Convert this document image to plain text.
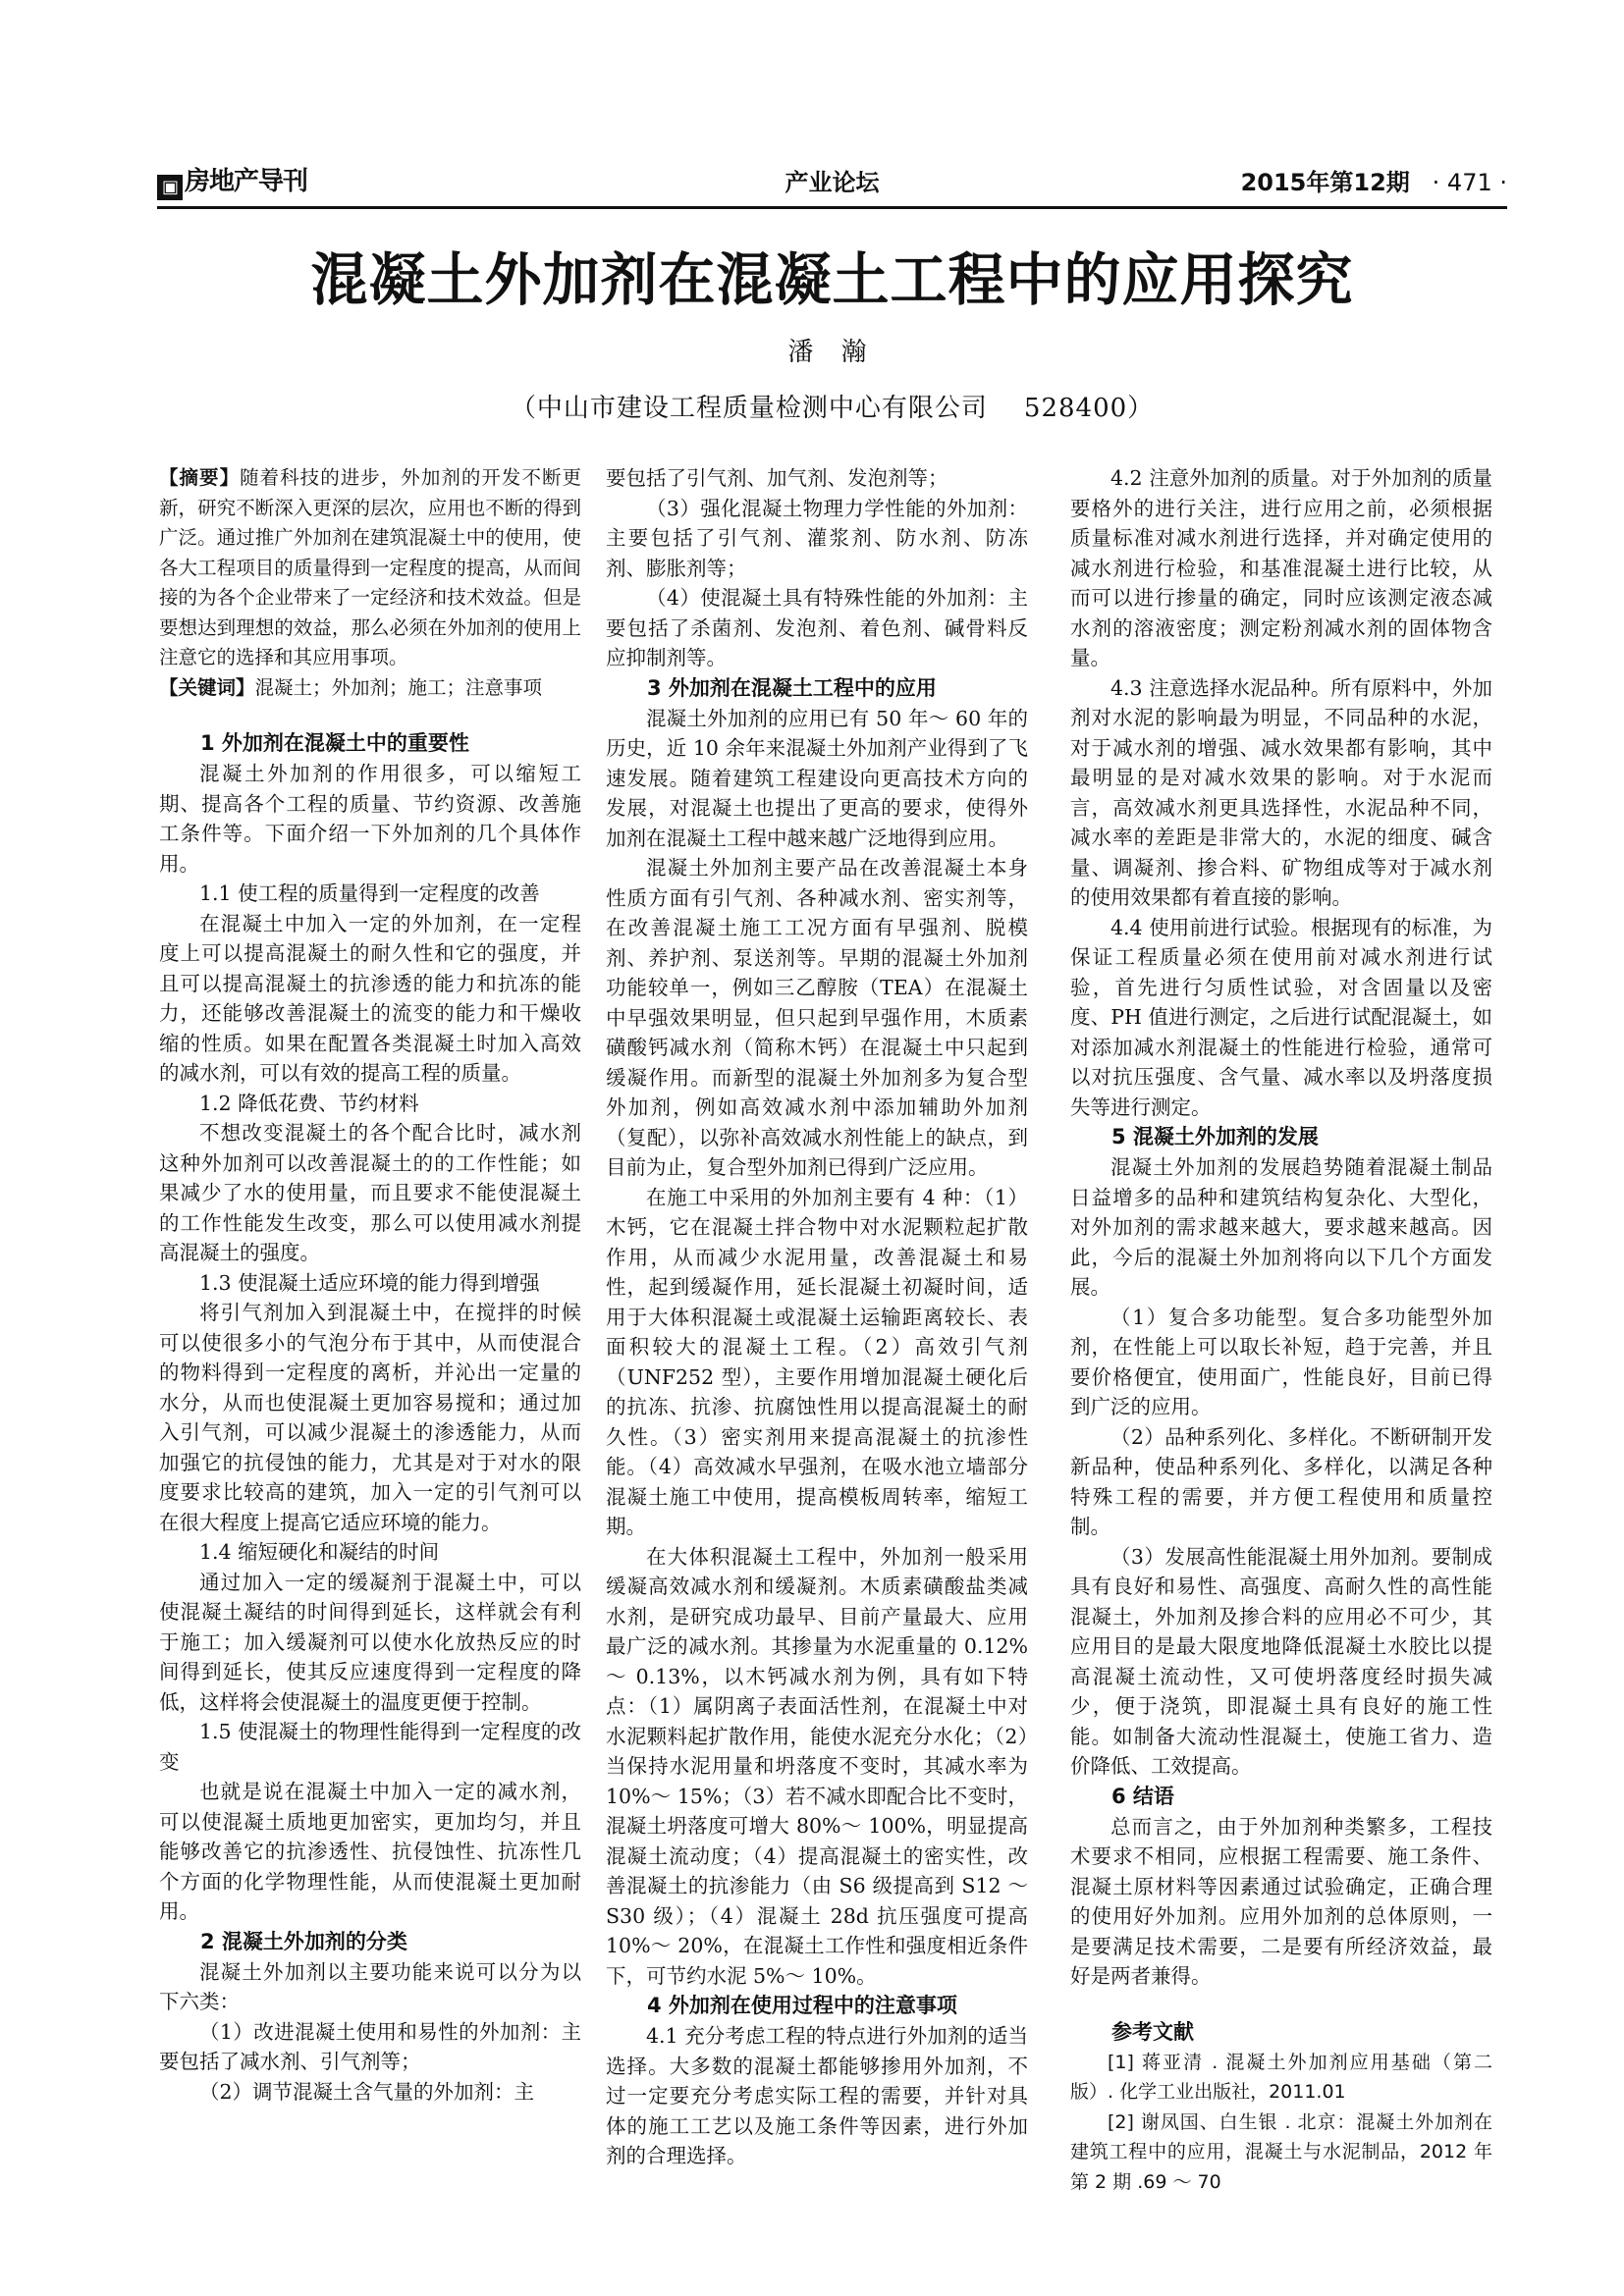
▣ 房地产导刊	产业论坛	2015年第12期 · 471 ·
混凝土外加剂在混凝土工程中的应用探究
潘 瀚
（中山市建设工程质量检测中心有限公司    528400）

【摘要】随着科技的进步，外加剂的开发不断更新，研究不断深入更深的层次，应用也不断的得到广泛。通过推广外加剂在建筑混凝土中的使用，使各大工程项目的质量得到一定程度的提高，从而间接的为各个企业带来了一定经济和技术效益。但是要想达到理想的效益，那么必须在外加剂的使用上注意它的选择和其应用事项。

【关键词】混凝土；外加剂；施工；注意事项

1 外加剂在混凝土中的重要性

混凝土外加剂的作用很多，可以缩短工期、提高各个工程的质量、节约资源、改善施工条件等。下面介绍一下外加剂的几个具体作用。

1.1 使工程的质量得到一定程度的改善

在混凝土中加入一定的外加剂，在一定程度上可以提高混凝土的耐久性和它的强度，并且可以提高混凝土的抗渗透的能力和抗冻的能力，还能够改善混凝土的流变的能力和干燥收缩的性质。如果在配置各类混凝土时加入高效的减水剂，可以有效的提高工程的质量。

1.2 降低花费、节约材料

不想改变混凝土的各个配合比时，减水剂这种外加剂可以改善混凝土的的工作性能；如果减少了水的使用量，而且要求不能使混凝土的工作性能发生改变，那么可以使用减水剂提高混凝土的强度。

1.3 使混凝土适应环境的能力得到增强

将引气剂加入到混凝土中，在搅拌的时候可以使很多小的气泡分布于其中，从而使混合的物料得到一定程度的离析，并沁出一定量的水分，从而也使混凝土更加容易搅和；通过加入引气剂，可以减少混凝土的渗透能力，从而加强它的抗侵蚀的能力，尤其是对于对水的限度要求比较高的建筑，加入一定的引气剂可以在很大程度上提高它适应环境的能力。

1.4 缩短硬化和凝结的时间

通过加入一定的缓凝剂于混凝土中，可以使混凝土凝结的时间得到延长，这样就会有利于施工；加入缓凝剂可以使水化放热反应的时间得到延长，使其反应速度得到一定程度的降低，这样将会使混凝土的温度更便于控制。

1.5 使混凝土的物理性能得到一定程度的改变

也就是说在混凝土中加入一定的减水剂，可以使混凝土质地更加密实，更加均匀，并且能够改善它的抗渗透性、抗侵蚀性、抗冻性几个方面的化学物理性能，从而使混凝土更加耐用。

2 混凝土外加剂的分类

混凝土外加剂以主要功能来说可以分为以下六类：

（1）改进混凝土使用和易性的外加剂：主要包括了减水剂、引气剂等；

（2）调节混凝土含气量的外加剂：主

要包括了引气剂、加气剂、发泡剂等；

（3）强化混凝土物理力学性能的外加剂：主要包括了引气剂、灌浆剂、防水剂、防冻剂、膨胀剂等；

（4）使混凝土具有特殊性能的外加剂：主要包括了杀菌剂、发泡剂、着色剂、碱骨料反应抑制剂等。

3 外加剂在混凝土工程中的应用

混凝土外加剂的应用已有 50 年～ 60 年的历史，近 10 余年来混凝土外加剂产业得到了飞速发展。随着建筑工程建设向更高技术方向的发展，对混凝土也提出了更高的要求，使得外加剂在混凝土工程中越来越广泛地得到应用。

混凝土外加剂主要产品在改善混凝土本身性质方面有引气剂、各种减水剂、密实剂等，在改善混凝土施工工况方面有早强剂、脱模剂、养护剂、泵送剂等。早期的混凝土外加剂功能较单一，例如三乙醇胺（TEA）在混凝土中早强效果明显，但只起到早强作用，木质素磺酸钙减水剂（简称木钙）在混凝土中只起到缓凝作用。而新型的混凝土外加剂多为复合型外加剂，例如高效减水剂中添加辅助外加剂（复配），以弥补高效减水剂性能上的缺点，到目前为止，复合型外加剂已得到广泛应用。

在施工中采用的外加剂主要有 4 种：（1）木钙，它在混凝土拌合物中对水泥颗粒起扩散作用，从而减少水泥用量，改善混凝土和易性，起到缓凝作用，延长混凝土初凝时间，适用于大体积混凝土或混凝土运输距离较长、表面积较大的混凝土工程。（2）高效引气剂（UNF252 型），主要作用增加混凝土硬化后的抗冻、抗渗、抗腐蚀性用以提高混凝土的耐久性。（3）密实剂用来提高混凝土的抗渗性能。（4）高效减水早强剂，在吸水池立墙部分混凝土施工中使用，提高模板周转率，缩短工期。

在大体积混凝土工程中，外加剂一般采用缓凝高效减水剂和缓凝剂。木质素磺酸盐类减水剂，是研究成功最早、目前产量最大、应用最广泛的减水剂。其掺量为水泥重量的 0.12%～ 0.13%，以木钙减水剂为例，具有如下特点：（1）属阴离子表面活性剂，在混凝土中对水泥颗料起扩散作用，能使水泥充分水化；（2）当保持水泥用量和坍落度不变时，其减水率为 10%～ 15%；（3）若不减水即配合比不变时，混凝土坍落度可增大 80%～ 100%，明显提高混凝土流动度；（4）提高混凝土的密实性，改善混凝土的抗渗能力（由 S6 级提高到 S12 ～ S30 级）；（4）混凝土 28d 抗压强度可提高 10%～ 20%，在混凝土工作性和强度相近条件下，可节约水泥 5%～ 10%。

4 外加剂在使用过程中的注意事项

4.1 充分考虑工程的特点进行外加剂的适当选择。大多数的混凝土都能够掺用外加剂，不过一定要充分考虑实际工程的需要，并针对具体的施工工艺以及施工条件等因素，进行外加剂的合理选择。

4.2 注意外加剂的质量。对于外加剂的质量要格外的进行关注，进行应用之前，必须根据质量标准对减水剂进行选择，并对确定使用的减水剂进行检验，和基准混凝土进行比较，从而可以进行掺量的确定，同时应该测定液态减水剂的溶液密度；测定粉剂减水剂的固体物含量。

4.3 注意选择水泥品种。所有原料中，外加剂对水泥的影响最为明显，不同品种的水泥，对于减水剂的增强、减水效果都有影响，其中最明显的是对减水效果的影响。对于水泥而言，高效减水剂更具选择性，水泥品种不同，减水率的差距是非常大的，水泥的细度、碱含量、调凝剂、掺合料、矿物组成等对于减水剂的使用效果都有着直接的影响。

4.4 使用前进行试验。根据现有的标准，为保证工程质量必须在使用前对减水剂进行试验，首先进行匀质性试验，对含固量以及密度、PH 值进行测定，之后进行试配混凝土，如对添加减水剂混凝土的性能进行检验，通常可以对抗压强度、含气量、减水率以及坍落度损失等进行测定。

5 混凝土外加剂的发展

混凝土外加剂的发展趋势随着混凝土制品日益增多的品种和建筑结构复杂化、大型化，对外加剂的需求越来越大，要求越来越高。因此，今后的混凝土外加剂将向以下几个方面发展。

（1）复合多功能型。复合多功能型外加剂，在性能上可以取长补短，趋于完善，并且要价格便宜，使用面广，性能良好，目前已得到广泛的应用。

（2）品种系列化、多样化。不断研制开发新品种，使品种系列化、多样化，以满足各种特殊工程的需要，并方便工程使用和质量控制。

（3）发展高性能混凝土用外加剂。要制成具有良好和易性、高强度、高耐久性的高性能混凝土，外加剂及掺合料的应用必不可少，其应用目的是最大限度地降低混凝土水胶比以提高混凝土流动性，又可使坍落度经时损失减少，便于浇筑，即混凝土具有良好的施工性能。如制备大流动性混凝土，使施工省力、造价降低、工效提高。

6 结语

总而言之，由于外加剂种类繁多，工程技术要求不相同，应根据工程需要、施工条件、混凝土原材料等因素通过试验确定，正确合理的使用好外加剂。应用外加剂的总体原则，一是要满足技术需要，二是要有所经济效益，最好是两者兼得。

参考文献

[1] 蒋亚清 . 混凝土外加剂应用基础（第二版）. 化学工业出版社，2011.01

[2] 谢凤国、白生银 . 北京：混凝土外加剂在建筑工程中的应用，混凝土与水泥制品，2012 年第 2 期 .69 ～ 70
